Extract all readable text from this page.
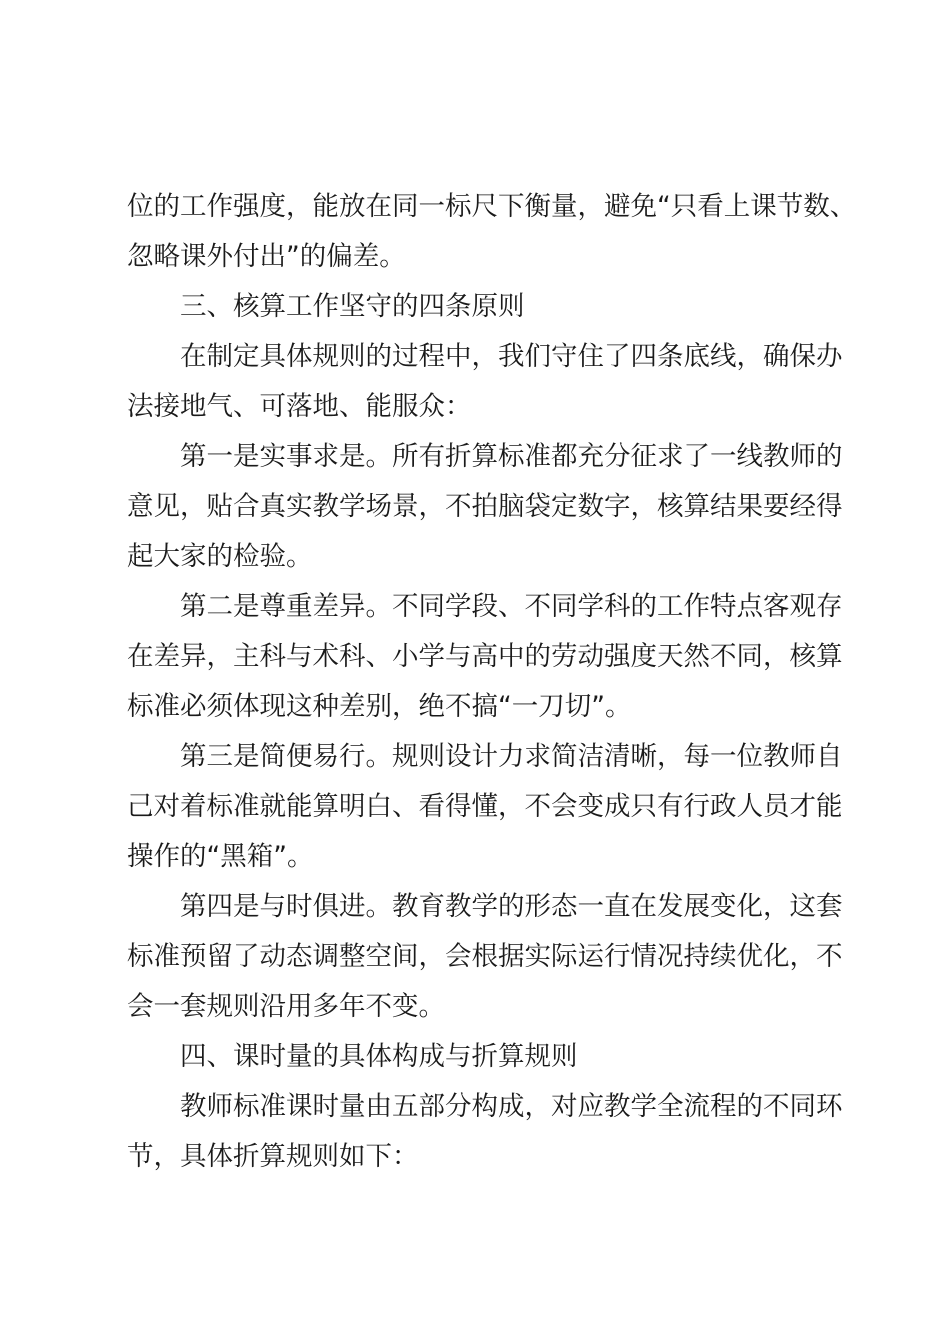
位的工作强度，能放在同一标尺下衡量，避免“只看上课节数、
忽略课外付出”的偏差。
三、核算工作坚守的四条原则
在制定具体规则的过程中，我们守住了四条底线，确保办
法接地气、可落地、能服众：
第一是实事求是。所有折算标准都充分征求了一线教师的
意见，贴合真实教学场景，不拍脑袋定数字，核算结果要经得
起大家的检验。
第二是尊重差异。不同学段、不同学科的工作特点客观存
在差异，主科与术科、小学与高中的劳动强度天然不同，核算
标准必须体现这种差别，绝不搞“一刀切”。
第三是简便易行。规则设计力求简洁清晰，每一位教师自
己对着标准就能算明白、看得懂，不会变成只有行政人员才能
操作的“黑箱”。
第四是与时俱进。教育教学的形态一直在发展变化，这套
标准预留了动态调整空间，会根据实际运行情况持续优化，不
会一套规则沿用多年不变。
四、课时量的具体构成与折算规则
教师标准课时量由五部分构成，对应教学全流程的不同环
节，具体折算规则如下：
